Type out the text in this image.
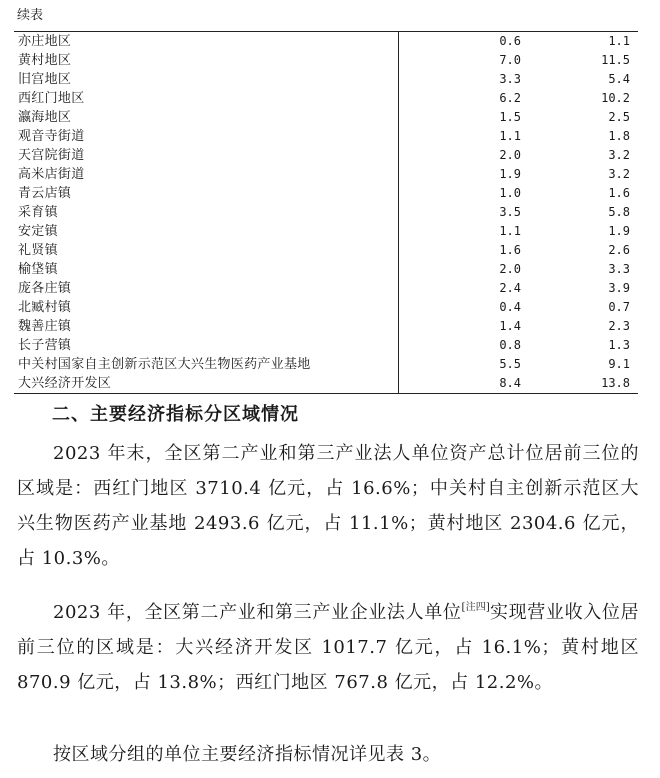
续表
亦庄地区	0.6	1.1
黄村地区	7.0	11.5
旧宫地区	3.3	5.4
西红门地区	6.2	10.2
瀛海地区	1.5	2.5
观音寺街道	1.1	1.8
天宫院街道	2.0	3.2
高米店街道	1.9	3.2
青云店镇	1.0	1.6
采育镇	3.5	5.8
安定镇	1.1	1.9
礼贤镇	1.6	2.6
榆垡镇	2.0	3.3
庞各庄镇	2.4	3.9
北臧村镇	0.4	0.7
魏善庄镇	1.4	2.3
长子营镇	0.8	1.3
中关村国家自主创新示范区大兴生物医药产业基地	5.5	9.1
大兴经济开发区	8.4	13.8
二、主要经济指标分区域情况

2023 年末，全区第二产业和第三产业法人单位资产总计位居前三位的区域是：西红门地区 3710.4 亿元，占 16.6%；中关村自主创新示范区大兴生物医药产业基地 2493.6 亿元，占 11.1%；黄村地区 2304.6 亿元，占 10.3%。

2023 年，全区第二产业和第三产业企业法人单位[注四]实现营业收入位居前三位的区域是：大兴经济开发区 1017.7 亿元，占 16.1%；黄村地区 870.9 亿元，占 13.8%；西红门地区 767.8 亿元，占 12.2%。

按区域分组的单位主要经济指标情况详见表 3。
